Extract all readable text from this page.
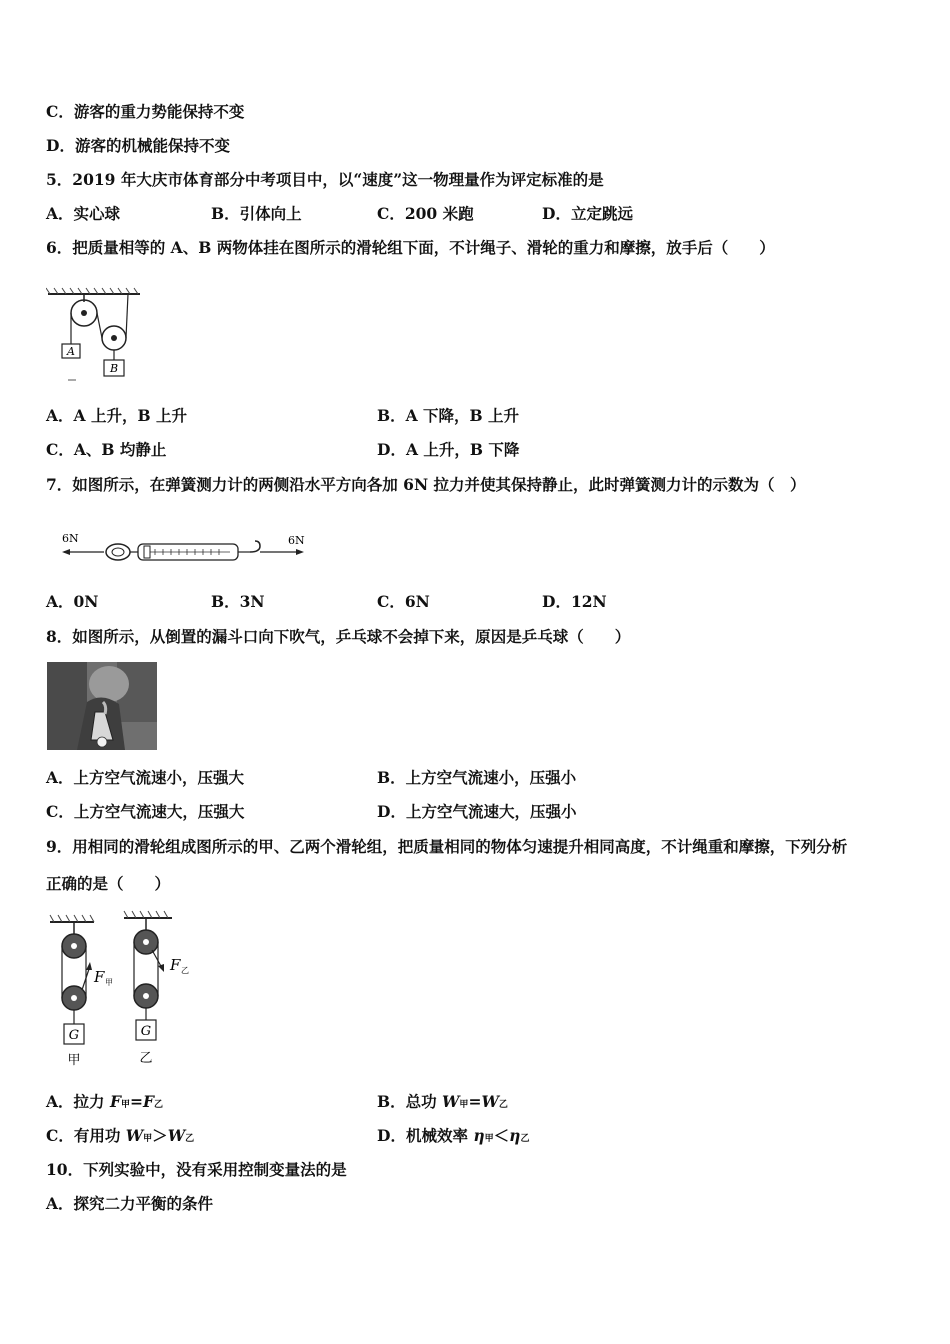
C．游客的重力势能保持不变
D．游客的机械能保持不变
5．2019 年大庆市体育部分中考项目中，以“速度”这一物理量作为评定标准的是
A．实心球	B．引体向上	C．200 米跑	D．立定跳远
6．把质量相等的 A、B 两物体挂在图所示的滑轮组下面，不计绳子、滑轮的重力和摩擦，放手后（　　）
A
B
A．A 上升，B 上升	B．A 下降，B 上升
C．A、B 均静止	D．A 上升，B 下降
7．如图所示，在弹簧测力计的两侧沿水平方向各加 6N 拉力并使其保持静止，此时弹簧测力计的示数为（　）
6N	6N
A．0N	B．3N	C．6N	D．12N
8．如图所示，从倒置的漏斗口向下吹气，乒乓球不会掉下来，原因是乒乓球（　　）
A．上方空气流速小，压强大	B．上方空气流速小，压强小
C．上方空气流速大，压强大	D．上方空气流速大，压强小
9．用相同的滑轮组成图所示的甲、乙两个滑轮组，把质量相同的物体匀速提升相同高度，不计绳重和摩擦，下列分析
正确的是（　　）
F 甲
G
甲
F 乙
G
乙
A．拉力 F甲=F乙	B．总功 W甲=W乙
C．有用功 W甲＞W乙	D．机械效率 η甲＜η乙
10．下列实验中，没有采用控制变量法的是
A．探究二力平衡的条件
